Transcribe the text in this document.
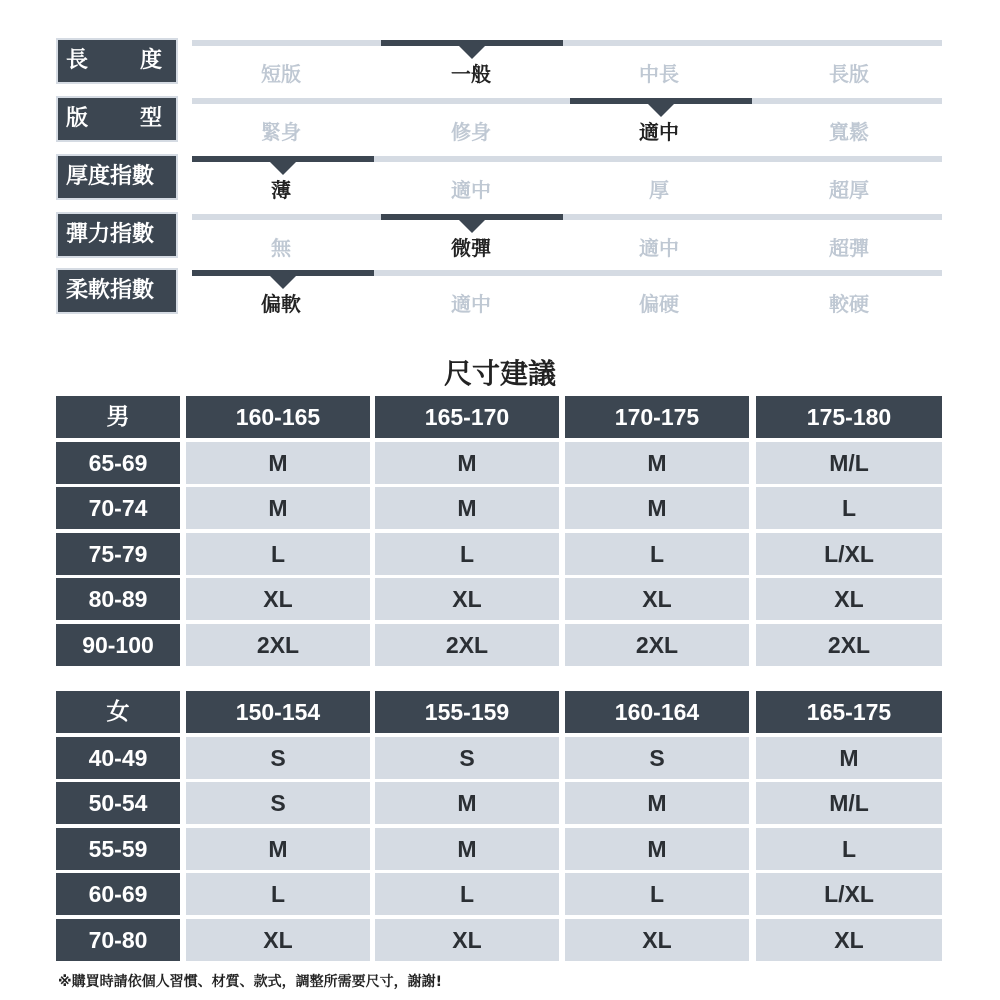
長度
短版	一般	中長	長版
版型
緊身	修身	適中	寬鬆
厚度指數
薄	適中	厚	超厚
彈力指數
無	微彈	適中	超彈
柔軟指數
偏軟	適中	偏硬	較硬
尺寸建議
男	160-165	165-170	170-175	175-180
65-69	M	M	M	M/L
70-74	M	M	M	L
75-79	L	L	L	L/XL
80-89	XL	XL	XL	XL
90-100	2XL	2XL	2XL	2XL
女	150-154	155-159	160-164	165-175
40-49	S	S	S	M
50-54	S	M	M	M/L
55-59	M	M	M	L
60-69	L	L	L	L/XL
70-80	XL	XL	XL	XL
※購買時請依個人習慣、材質、款式，調整所需要尺寸，謝謝!
